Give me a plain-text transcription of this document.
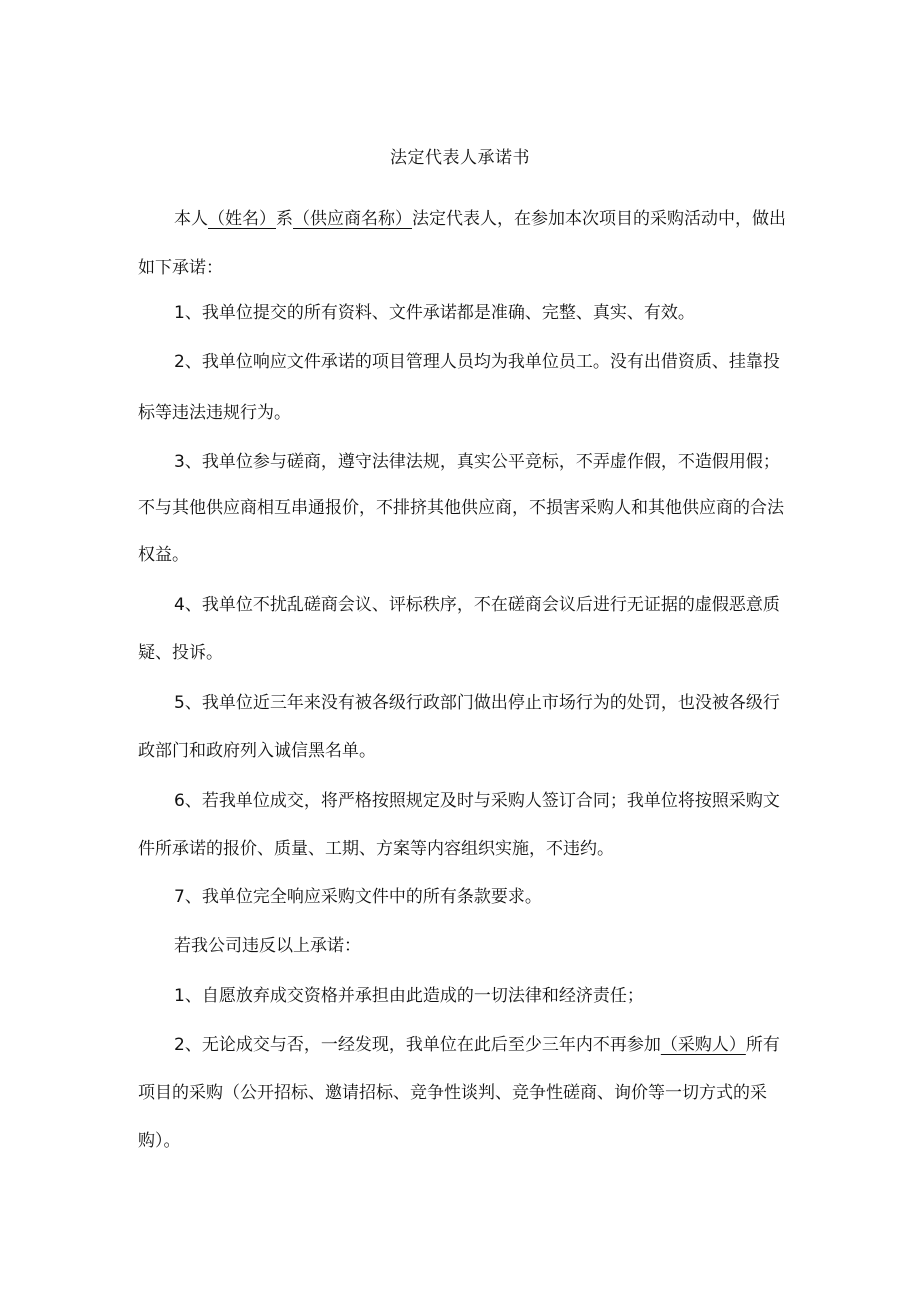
法定代表人承诺书
本人（姓名）系（供应商名称）法定代表人，在参加本次项目的采购活动中，做出
如下承诺：
1、我单位提交的所有资料、文件承诺都是准确、完整、真实、有效。
2、我单位响应文件承诺的项目管理人员均为我单位员工。没有出借资质、挂靠投
标等违法违规行为。
3、我单位参与磋商，遵守法律法规，真实公平竞标，不弄虚作假，不造假用假；
不与其他供应商相互串通报价，不排挤其他供应商，不损害采购人和其他供应商的合法
权益。
4、我单位不扰乱磋商会议、评标秩序，不在磋商会议后进行无证据的虚假恶意质
疑、投诉。
5、我单位近三年来没有被各级行政部门做出停止市场行为的处罚，也没被各级行
政部门和政府列入诚信黑名单。
6、若我单位成交，将严格按照规定及时与采购人签订合同；我单位将按照采购文
件所承诺的报价、质量、工期、方案等内容组织实施，不违约。
7、我单位完全响应采购文件中的所有条款要求。
若我公司违反以上承诺：
1、自愿放弃成交资格并承担由此造成的一切法律和经济责任；
2、无论成交与否，一经发现，我单位在此后至少三年内不再参加（采购人）所有
项目的采购（公开招标、邀请招标、竞争性谈判、竞争性磋商、询价等一切方式的采
购）。
